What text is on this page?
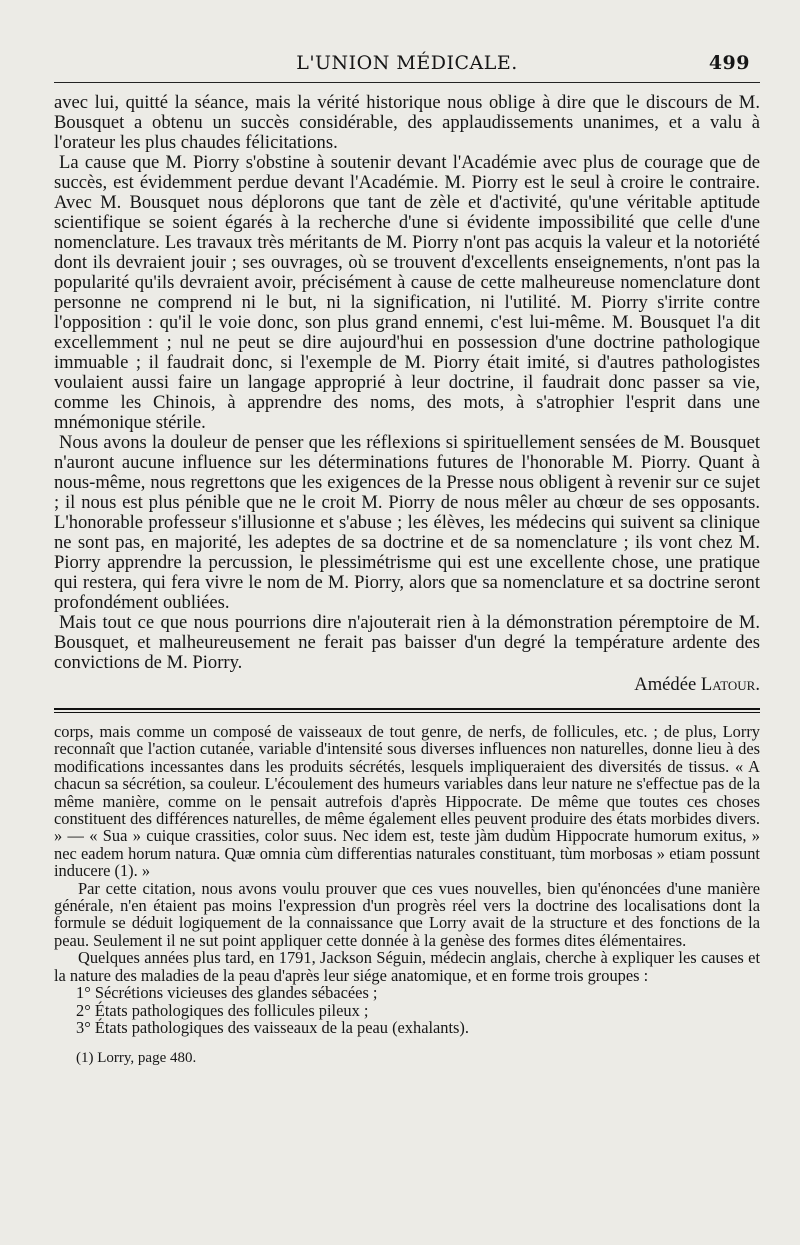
L'UNION MÉDICALE.	499

avec lui, quitté la séance, mais la vérité historique nous oblige à dire que le discours de M. Bousquet a obtenu un succès considérable, des applaudissements unanimes, et a valu à l'orateur les plus chaudes félicitations.

La cause que M. Piorry s'obstine à soutenir devant l'Académie avec plus de courage que de succès, est évidemment perdue devant l'Académie. M. Piorry est le seul à croire le contraire. Avec M. Bousquet nous déplorons que tant de zèle et d'activité, qu'une véritable aptitude scientifique se soient égarés à la recherche d'une si évidente impossibilité que celle d'une nomenclature. Les travaux très méritants de M. Piorry n'ont pas acquis la valeur et la notoriété dont ils devraient jouir ; ses ouvrages, où se trouvent d'excellents enseignements, n'ont pas la popularité qu'ils devraient avoir, précisément à cause de cette malheureuse nomenclature dont personne ne comprend ni le but, ni la signification, ni l'utilité. M. Piorry s'irrite contre l'opposition : qu'il le voie donc, son plus grand ennemi, c'est lui-même. M. Bousquet l'a dit excellemment ; nul ne peut se dire aujourd'hui en possession d'une doctrine pathologique immuable ; il faudrait donc, si l'exemple de M. Piorry était imité, si d'autres pathologistes voulaient aussi faire un langage approprié à leur doctrine, il faudrait donc passer sa vie, comme les Chinois, à apprendre des noms, des mots, à s'atrophier l'esprit dans une mnémonique stérile.

Nous avons la douleur de penser que les réflexions si spirituellement sensées de M. Bousquet n'auront aucune influence sur les déterminations futures de l'honorable M. Piorry. Quant à nous-même, nous regrettons que les exigences de la Presse nous obligent à revenir sur ce sujet ; il nous est plus pénible que ne le croit M. Piorry de nous mêler au chœur de ses opposants. L'honorable professeur s'illusionne et s'abuse ; les élèves, les médecins qui suivent sa clinique ne sont pas, en majorité, les adeptes de sa doctrine et de sa nomenclature ; ils vont chez M. Piorry apprendre la percussion, le plessimétrisme qui est une excellente chose, une pratique qui restera, qui fera vivre le nom de M. Piorry, alors que sa nomenclature et sa doctrine seront profondément oubliées.

Mais tout ce que nous pourrions dire n'ajouterait rien à la démonstration péremptoire de M. Bousquet, et malheureusement ne ferait pas baisser d'un degré la température ardente des convictions de M. Piorry.

Amédée Latour.

corps, mais comme un composé de vaisseaux de tout genre, de nerfs, de follicules, etc. ; de plus, Lorry reconnaît que l'action cutanée, variable d'intensité sous diverses influences non naturelles, donne lieu à des modifications incessantes dans les produits sécrétés, lesquels impliqueraient des diversités de tissus. « A chacun sa sécrétion, sa couleur. L'écoulement des humeurs variables dans leur nature ne s'effectue pas de la même manière, comme on le pensait autrefois d'après Hippocrate. De même que toutes ces choses constituent des différences naturelles, de même également elles peuvent produire des états morbides divers. » — « Sua » cuique crassities, color suus. Nec idem est, teste jàm dudùm Hippocrate humorum exitus, » nec eadem horum natura. Quæ omnia cùm differentias naturales constituant, tùm morbosas » etiam possunt inducere (1). »

Par cette citation, nous avons voulu prouver que ces vues nouvelles, bien qu'énoncées d'une manière générale, n'en étaient pas moins l'expression d'un progrès réel vers la doctrine des localisations dont la formule se déduit logiquement de la connaissance que Lorry avait de la structure et des fonctions de la peau. Seulement il ne sut point appliquer cette donnée à la genèse des formes dites élémentaires.

Quelques années plus tard, en 1791, Jackson Séguin, médecin anglais, cherche à expliquer les causes et la nature des maladies de la peau d'après leur siége anatomique, et en forme trois groupes :

1° Sécrétions vicieuses des glandes sébacées ;
2° États pathologiques des follicules pileux ;
3° États pathologiques des vaisseaux de la peau (exhalants).
(1) Lorry, page 480.
